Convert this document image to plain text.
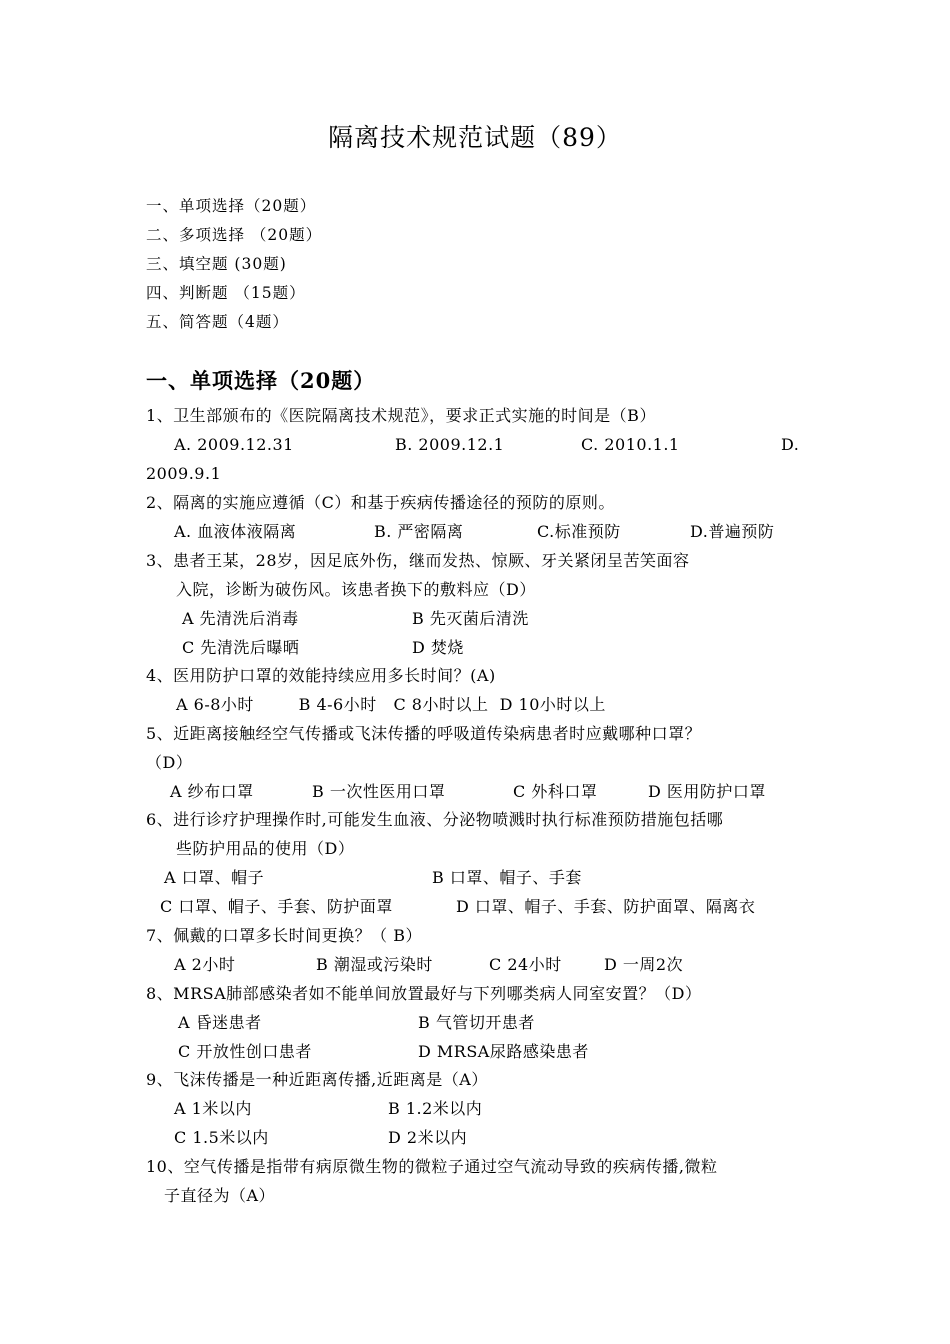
隔离技术规范试题（89）
一、单项选择（20题）
二、多项选择 （20题）
三、填空题 (30题)
四、判断题 （15题）
五、简答题（4题）
一、单项选择（20题）
1、卫生部颁布的《医院隔离技术规范》，要求正式实施的时间是（B）
A. 2009.12.31	B. 2009.12.1	C. 2010.1.1	D.
2009.9.1
2、隔离的实施应遵循（C）和基于疾病传播途径的预防的原则。
A. 血液体液隔离	B. 严密隔离	C.标准预防	D.普遍预防
3、患者王某，28岁，因足底外伤，继而发热、惊厥、牙关紧闭呈苦笑面容
入院，诊断为破伤风。该患者换下的敷料应（D）
A 先清洗后消毒	B 先灭菌后清洗
C 先清洗后曝晒	D 焚烧
4、医用防护口罩的效能持续应用多长时间？(A)
A 6-8小时        B 4-6小时   C 8小时以上  D 10小时以上
5、近距离接触经空气传播或飞沫传播的呼吸道传染病患者时应戴哪种口罩？
（D）
A 纱布口罩	B 一次性医用口罩	C 外科口罩	D 医用防护口罩
6、进行诊疗护理操作时,可能发生血液、分泌物喷溅时执行标准预防措施包括哪
些防护用品的使用（D）
A 口罩、帽子	B 口罩、帽子、手套
C 口罩、帽子、手套、防护面罩	D 口罩、帽子、手套、防护面罩、隔离衣
7、佩戴的口罩多长时间更换？（ B）
A 2小时	B 潮湿或污染时	C 24小时	D 一周2次
8、MRSA肺部感染者如不能单间放置最好与下列哪类病人同室安置？（D）
A 昏迷患者	B 气管切开患者
C 开放性创口患者	D MRSA尿路感染患者
9、飞沫传播是一种近距离传播,近距离是（A）
A 1米以内	B 1.2米以内
C 1.5米以内	D 2米以内
10、空气传播是指带有病原微生物的微粒子通过空气流动导致的疾病传播,微粒
子直径为（A）
